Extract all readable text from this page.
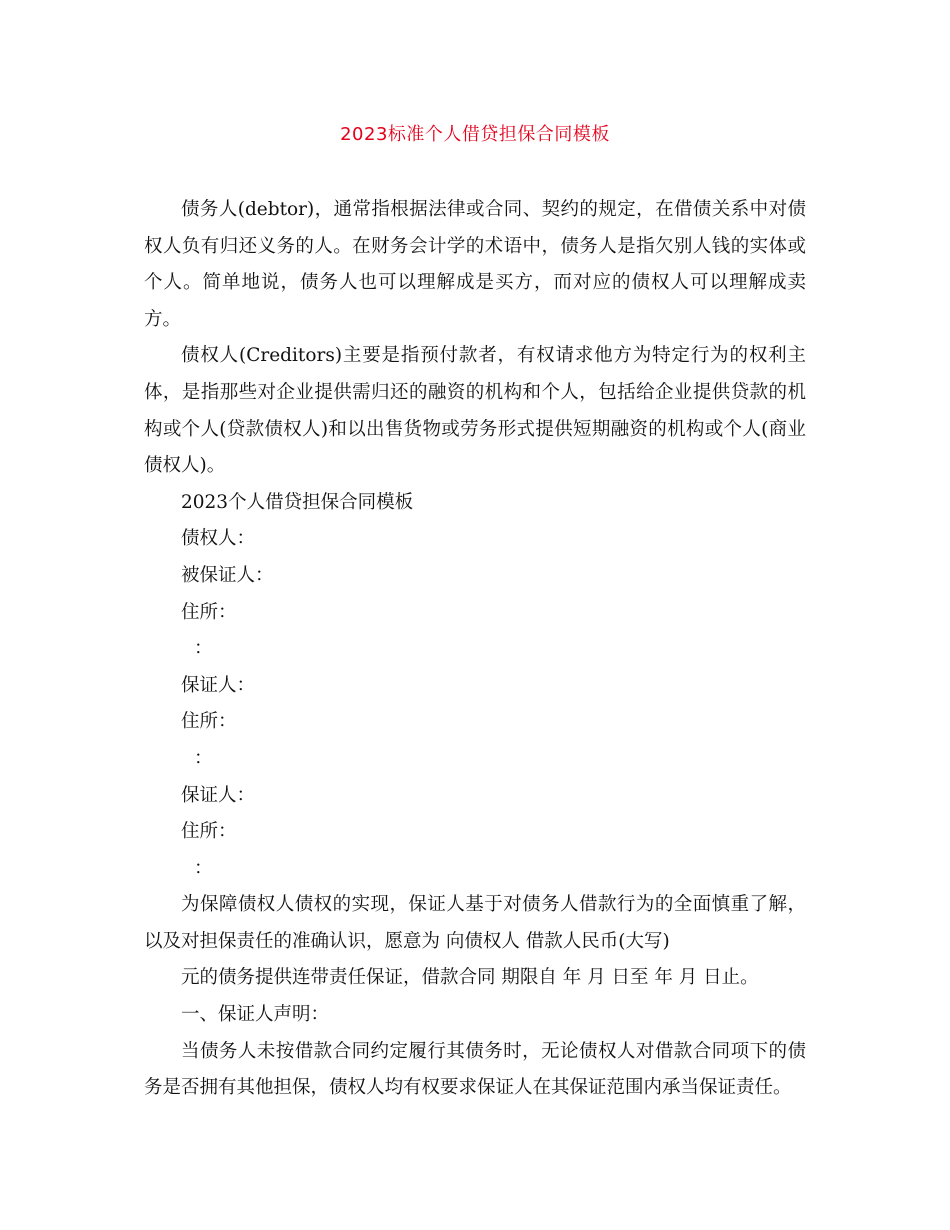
2023标准个人借贷担保合同模板

债务人(debtor)，通常指根据法律或合同、契约的规定，在借债关系中对债权人负有归还义务的人。在财务会计学的术语中，债务人是指欠别人钱的实体或个人。简单地说，债务人也可以理解成是买方，而对应的债权人可以理解成卖方。

债权人(Creditors)主要是指预付款者，有权请求他方为特定行为的权利主体，是指那些对企业提供需归还的融资的机构和个人，包括给企业提供贷款的机构或个人(贷款债权人)和以出售货物或劳务形式提供短期融资的机构或个人(商业债权人)。

2023个人借贷担保合同模板

债权人：

被保证人：

住所：

：

保证人：

住所：

：

保证人：

住所：

：

为保障债权人债权的实现，保证人基于对债务人借款行为的全面慎重了解，以及对担保责任的准确认识，愿意为 向债权人 借款人民币(大写)

元的债务提供连带责任保证，借款合同 期限自 年 月 日至 年 月 日止。

一、保证人声明：

当债务人未按借款合同约定履行其债务时，无论债权人对借款合同项下的债务是否拥有其他担保，债权人均有权要求保证人在其保证范围内承当保证责任。
